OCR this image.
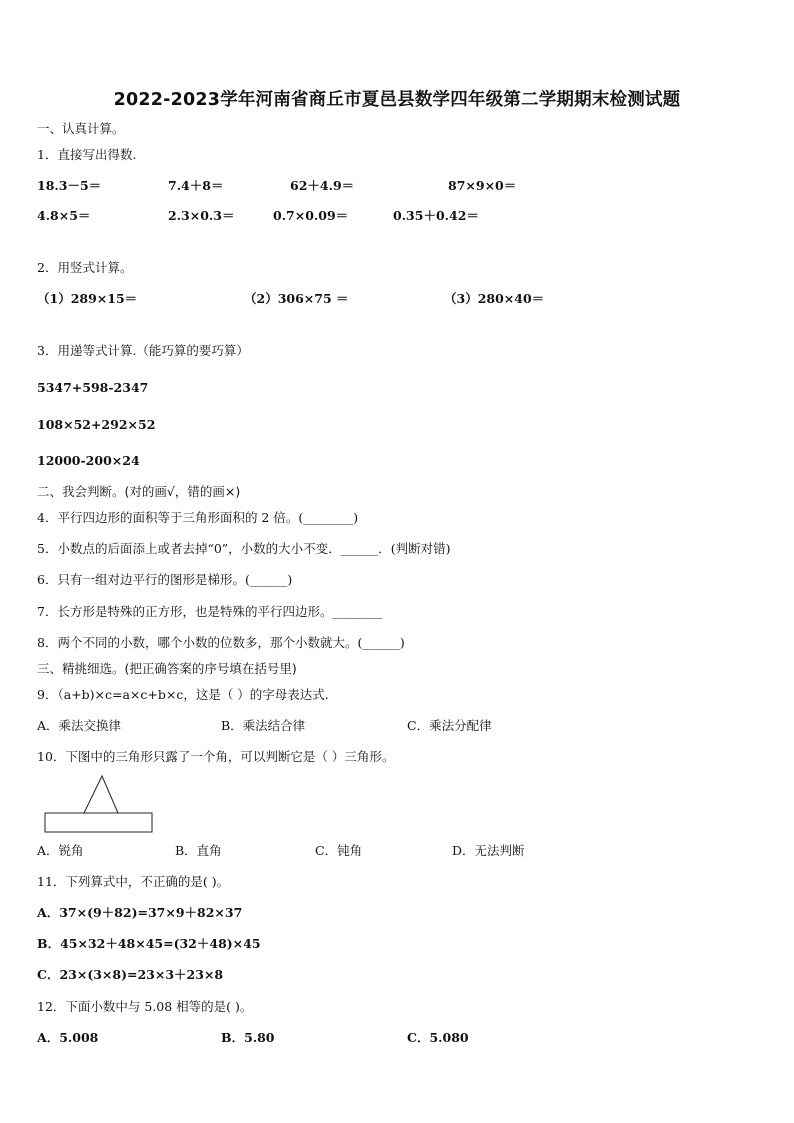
2022-2023学年河南省商丘市夏邑县数学四年级第二学期期末检测试题
一、认真计算。
1．直接写出得数.
18.3－5＝	7.4＋8＝	62＋4.9＝	87×9×0＝
4.8×5＝	2.3×0.3＝	0.7×0.09＝	0.35＋0.42＝
2．用竖式计算。
（1）289×15＝	（2）306×75 ＝	（3）280×40＝
3．用递等式计算.（能巧算的要巧算）
5347+598-2347
108×52+292×52
12000-200×24
二、我会判断。(对的画√，错的画×)
4．平行四边形的面积等于三角形面积的 2 倍。(________)
5．小数点的后面添上或者去掉“0”，小数的大小不变．______．(判断对错)
6．只有一组对边平行的图形是梯形。(______)
7．长方形是特殊的正方形，也是特殊的平行四边形。________
8．两个不同的小数，哪个小数的位数多，那个小数就大。(______)
三、精挑细选。(把正确答案的序号填在括号里)
9．（a+b)×c=a×c+b×c，这是（ ）的字母表达式.
A．乘法交换律	B．乘法结合律	C．乘法分配律
10．下图中的三角形只露了一个角，可以判断它是（ ）三角形。
A．锐角	B．直角	C．钝角	D．无法判断
11．下列算式中，不正确的是( )。
A．37×(9＋82)=37×9＋82×37
B．45×32＋48×45=(32＋48)×45
C．23×(3×8)=23×3＋23×8
12．下面小数中与 5.08 相等的是( )。
A．5.008	B．5.80	C．5.080
